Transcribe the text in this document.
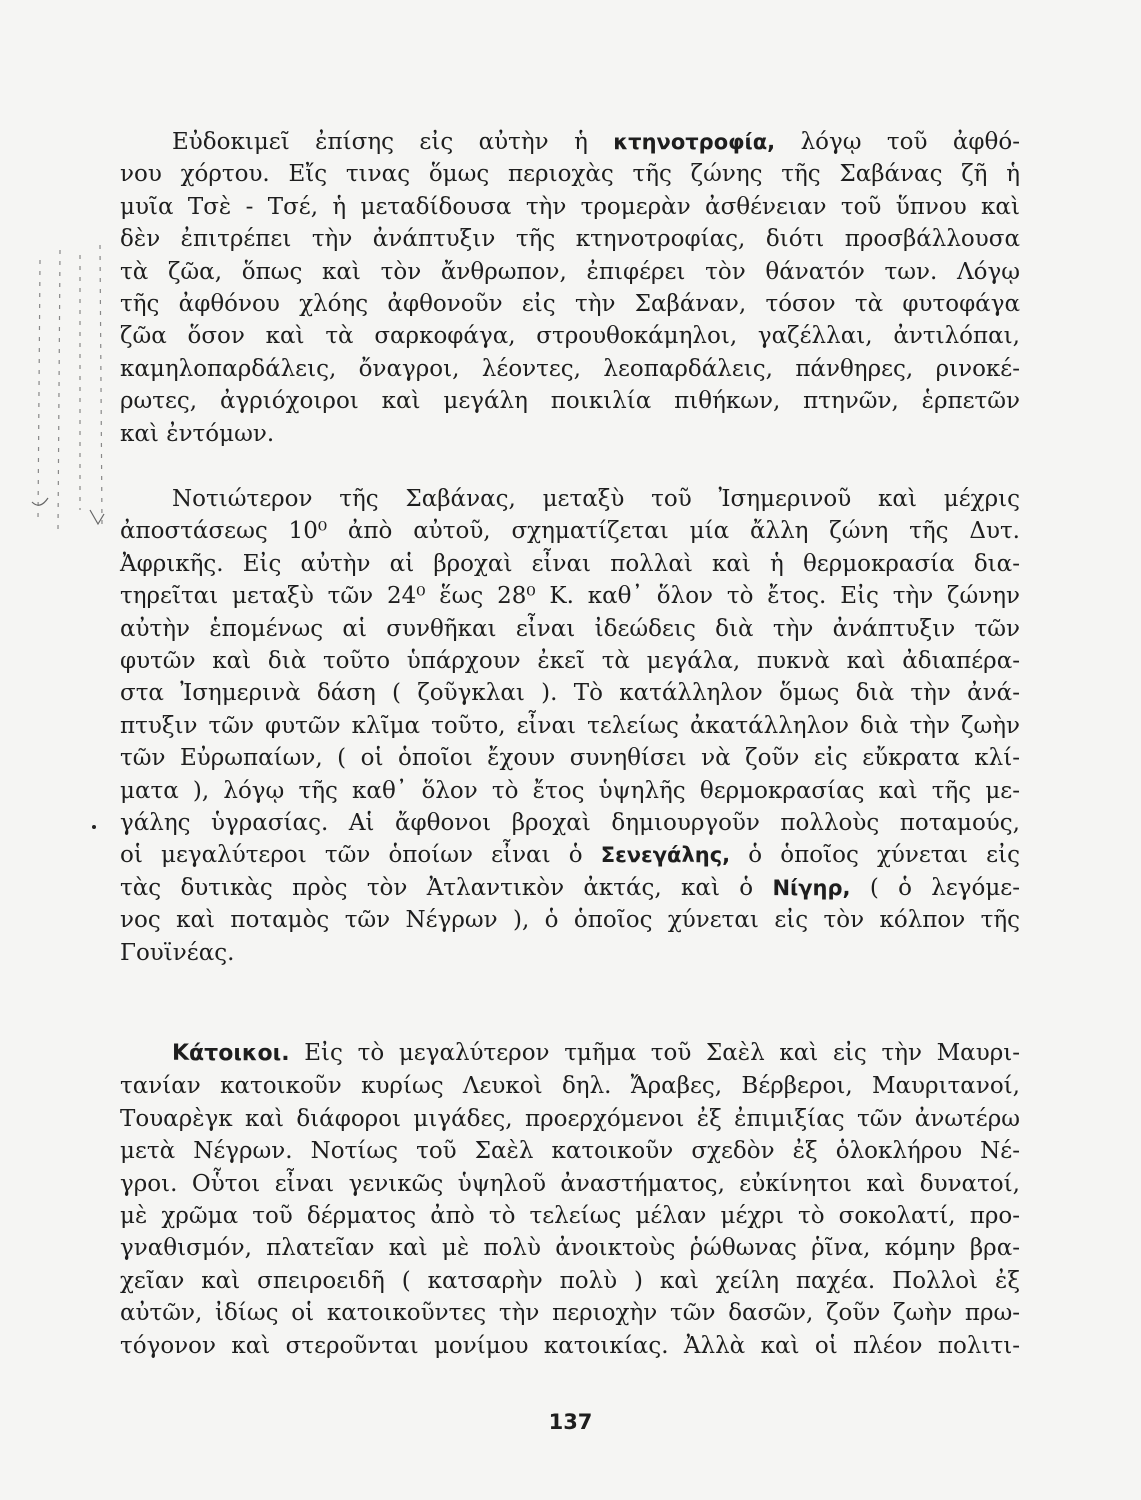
Εὐδοκιμεῖ ἐπίσης εἰς αὐτὴν ἡ κτηνοτροφία, λόγῳ τοῦ ἀφθό-
νου χόρτου. Εἴς τινας ὅμως περιοχὰς τῆς ζώνης τῆς Σαβάνας ζῆ ἡ
μυῖα Τσὲ - Τσέ, ἡ μεταδίδουσα τὴν τρομερὰν ἀσθένειαν τοῦ ὕπνου καὶ
δὲν ἐπιτρέπει τὴν ἀνάπτυξιν τῆς κτηνοτροφίας, διότι προσβάλλουσα
τὰ ζῶα, ὅπως καὶ τὸν ἄνθρωπον, ἐπιφέρει τὸν θάνατόν των. Λόγῳ
τῆς ἀφθόνου χλόης ἀφθονοῦν εἰς τὴν Σαβάναν, τόσον τὰ φυτοφάγα
ζῶα ὅσον καὶ τὰ σαρκοφάγα, στρουθοκάμηλοι, γαζέλλαι, ἀντιλόπαι,
καμηλοπαρδάλεις, ὄναγροι, λέοντες, λεοπαρδάλεις, πάνθηρες, ρινοκέ-
ρωτες, ἀγριόχοιροι καὶ μεγάλη ποικιλία πιθήκων, πτηνῶν, ἑρπετῶν
καὶ ἐντόμων.
Νοτιώτερον τῆς Σαβάνας, μεταξὺ τοῦ Ἰσημερινοῦ καὶ μέχρις
ἀποστάσεως 10⁰ ἀπὸ αὐτοῦ, σχηματίζεται μία ἄλλη ζώνη τῆς Δυτ.
Ἀφρικῆς. Εἰς αὐτὴν αἱ βροχαὶ εἶναι πολλαὶ καὶ ἡ θερμοκρασία δια-
τηρεῖται μεταξὺ τῶν 24⁰ ἕως 28⁰ Κ. καθ᾽ ὅλον τὸ ἔτος. Εἰς τὴν ζώνην
αὐτὴν ἑπομένως αἱ συνθῆκαι εἶναι ἰδεώδεις διὰ τὴν ἀνάπτυξιν τῶν
φυτῶν καὶ διὰ τοῦτο ὑπάρχουν ἐκεῖ τὰ μεγάλα, πυκνὰ καὶ ἀδιαπέρα-
στα Ἰσημερινὰ δάση ( ζοῦγκλαι ). Τὸ κατάλληλον ὅμως διὰ τὴν ἀνά-
πτυξιν τῶν φυτῶν κλῖμα τοῦτο, εἶναι τελείως ἀκατάλληλον διὰ τὴν ζωὴν
τῶν Εὐρωπαίων, ( οἱ ὁποῖοι ἔχουν συνηθίσει νὰ ζοῦν εἰς εὔκρατα κλί-
ματα ), λόγῳ τῆς καθ᾽ ὅλον τὸ ἔτος ὑψηλῆς θερμοκρασίας καὶ τῆς με-
γάλης ὑγρασίας. Αἱ ἄφθονοι βροχαὶ δημιουργοῦν πολλοὺς ποταμούς,
οἱ μεγαλύτεροι τῶν ὁποίων εἶναι ὁ Σενεγάλης, ὁ ὁποῖος χύνεται εἰς
τὰς δυτικὰς πρὸς τὸν Ἀτλαντικὸν ἀκτάς, καὶ ὁ Νίγηρ, ( ὁ λεγόμε-
νος καὶ ποταμὸς τῶν Νέγρων ), ὁ ὁποῖος χύνεται εἰς τὸν κόλπον τῆς
Γουϊνέας.
Κάτοικοι. Εἰς τὸ μεγαλύτερον τμῆμα τοῦ Σαὲλ καὶ εἰς τὴν Μαυρι-
τανίαν κατοικοῦν κυρίως Λευκοὶ δηλ. Ἄραβες, Βέρβεροι, Μαυριτανοί,
Τουαρὲγκ καὶ διάφοροι μιγάδες, προερχόμενοι ἐξ ἐπιμιξίας τῶν ἀνωτέρω
μετὰ Νέγρων. Νοτίως τοῦ Σαὲλ κατοικοῦν σχεδὸν ἐξ ὁλοκλήρου Νέ-
γροι. Οὗτοι εἶναι γενικῶς ὑψηλοῦ ἀναστήματος, εὐκίνητοι καὶ δυνατοί,
μὲ χρῶμα τοῦ δέρματος ἀπὸ τὸ τελείως μέλαν μέχρι τὸ σοκολατί, προ-
γναθισμόν, πλατεῖαν καὶ μὲ πολὺ ἀνοικτοὺς ῥώθωνας ῥῖνα, κόμην βρα-
χεῖαν καὶ σπειροειδῆ ( κατσαρὴν πολὺ ) καὶ χείλη παχέα. Πολλοὶ ἐξ
αὐτῶν, ἰδίως οἱ κατοικοῦντες τὴν περιοχὴν τῶν δασῶν, ζοῦν ζωὴν πρω-
τόγονον καὶ στεροῦνται μονίμου κατοικίας. Ἀλλὰ καὶ οἱ πλέον πολιτι-
137
